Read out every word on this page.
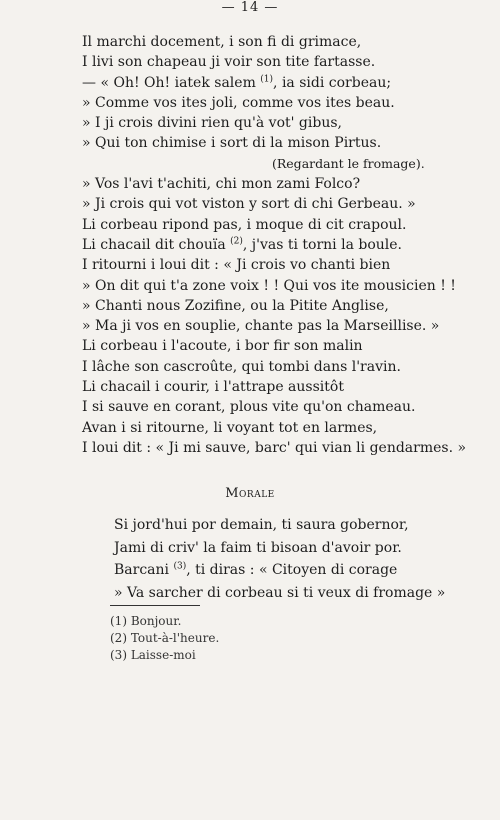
— 14 —
Il marchi docement, i son fi di grimace,
I livi son chapeau ji voir son tite fartasse.
— « Oh! Oh! iatek salem $^{(1)}$, ia sidi corbeau;
» Comme vos ites joli, comme vos ites beau.
» I ji crois divini rien qu'à vot' gibus,
» Qui ton chimise i sort di la mison Pirtus.
(Regardant le fromage).
» Vos l'avi t'achiti, chi mon zami Folco?
» Ji crois qui vot viston y sort di chi Gerbeau. »
Li corbeau ripond pas, i moque di cit crapoul.
Li chacail dit chouïa $^{(2)}$, j'vas ti torni la boule.
I ritourni i loui dit : « Ji crois vo chanti bien
» On dit qui t'a zone voix ! ! Qui vos ite mousicien ! !
» Chanti nous Zozifine, ou la Pitite Anglise,
» Ma ji vos en souplie, chante pas la Marseillise. »
Li corbeau i l'acoute, i bor fir son malin
I lâche son cascroûte, qui tombi dans l'ravin.
Li chacail i courir, i l'attrape aussitôt
I si sauve en corant, plous vite qu'on chameau.
Avan i si ritourne, li voyant tot en larmes,
I loui dit : « Ji mi sauve, barc' qui vian li gendarmes. »
Morale
Si jord'hui por demain, ti saura gobernor,
Jami di criv' la faim ti bisoan d'avoir por.
Barcani $^{(3)}$, ti diras : « Citoyen di corage
» Va sarcher di corbeau si ti veux di fromage »
(1) Bonjour.
(2) Tout-à-l'heure.
(3) Laisse-moi
